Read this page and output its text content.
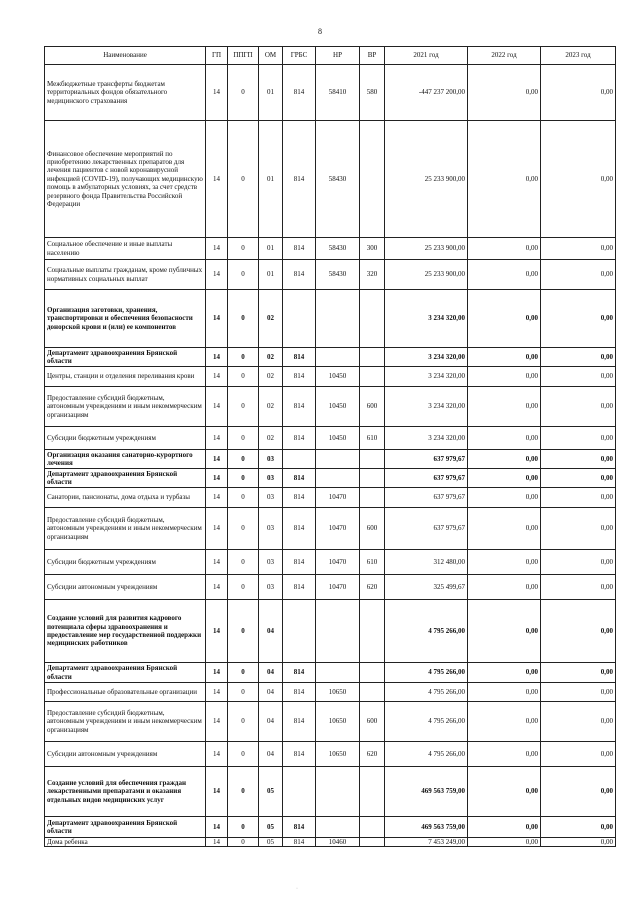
8
Наименование	ГП	ППГП	ОМ	ГРБС	НР	ВР	2021 год	2022 год	2023 год
Межбюджетные трансферты бюджетам территориальных фондов обязательного медицинского страхования	14	0	01	814	58410	580	-447 237 200,00	0,00	0,00
Финансовое обеспечение мероприятий по приобретению лекарственных препаратов для лечения пациентов с новой коронавирусной инфекцией (COVID-19), получающих медицинскую помощь в амбулаторных условиях, за счет средств резервного фонда Правительства Российской Федерации	14	0	01	814	58430		25 233 900,00	0,00	0,00
Социальное обеспечение и иные выплаты населению	14	0	01	814	58430	300	25 233 900,00	0,00	0,00
Социальные выплаты гражданам, кроме публичных нормативных социальных выплат	14	0	01	814	58430	320	25 233 900,00	0,00	0,00
Организация заготовки, хранения, транспортировки и обеспечения безопасности донорской крови и (или) ее компонентов	14	0	02				3 234 320,00	0,00	0,00
Департамент здравоохранения Брянской области	14	0	02	814			3 234 320,00	0,00	0,00
Центры, станции и отделения переливания крови	14	0	02	814	10450		3 234 320,00	0,00	0,00
Предоставление субсидий бюджетным, автономным учреждениям и иным некоммерческим организациям	14	0	02	814	10450	600	3 234 320,00	0,00	0,00
Субсидии бюджетным учреждениям	14	0	02	814	10450	610	3 234 320,00	0,00	0,00
Организация оказания санаторно-курортного лечения	14	0	03				637 979,67	0,00	0,00
Департамент здравоохранения Брянской области	14	0	03	814			637 979,67	0,00	0,00
Санатории, пансионаты, дома отдыха и турбазы	14	0	03	814	10470		637 979,67	0,00	0,00
Предоставление субсидий бюджетным, автономным учреждениям и иным некоммерческим организациям	14	0	03	814	10470	600	637 979,67	0,00	0,00
Субсидии бюджетным учреждениям	14	0	03	814	10470	610	312 480,00	0,00	0,00
Субсидии автономным учреждениям	14	0	03	814	10470	620	325 499,67	0,00	0,00
Создание условий для развития кадрового потенциала сферы здравоохранения и предоставление мер государственной поддержки медицинских работников	14	0	04				4 795 266,00	0,00	0,00
Департамент здравоохранения Брянской области	14	0	04	814			4 795 266,00	0,00	0,00
Профессиональные образовательные организации	14	0	04	814	10650		4 795 266,00	0,00	0,00
Предоставление субсидий бюджетным, автономным учреждениям и иным некоммерческим организациям	14	0	04	814	10650	600	4 795 266,00	0,00	0,00
Субсидии автономным учреждениям	14	0	04	814	10650	620	4 795 266,00	0,00	0,00
Создание условий для обеспечения граждан лекарственными препаратами и оказания отдельных видов медицинских услуг	14	0	05				469 563 759,00	0,00	0,00
Департамент здравоохранения Брянской области	14	0	05	814			469 563 759,00	0,00	0,00
Дома ребенка	14	0	05	814	10460		7 453 249,00	0,00	0,00
·
